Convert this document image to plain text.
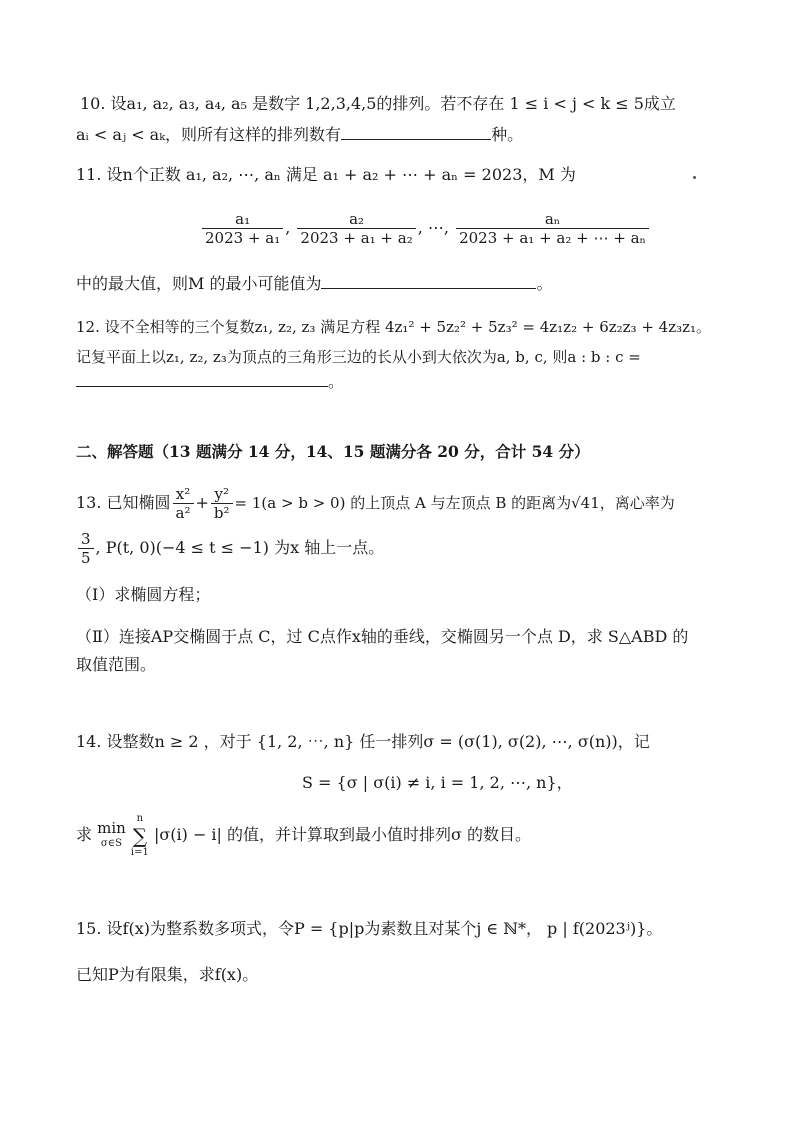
10. 设a₁, a₂, a₃, a₄, a₅ 是数字 1,2,3,4,5的排列。若不存在 1 ≤ i < j < k ≤ 5成立
aᵢ < aⱼ < aₖ，则所有这样的排列数有	种。
11. 设n个正数 a₁, a₂, ⋯, aₙ 满足 a₁ + a₂ + ⋯ + aₙ = 2023，M 为
$\frac{\text{a₁}}{\text{2023 + a₁}}$ , $\frac{\text{a₂}}{\text{2023 + a₁ + a₂}}$ , ⋯, $\frac{\text{aₙ}}{\text{2023 + a₁ + a₂ + ⋯ + aₙ}}$
中的最大值，则M 的最小可能值为	。
12. 设不全相等的三个复数z₁, z₂, z₃ 满足方程 4z₁² + 5z₂² + 5z₃² = 4z₁z₂ + 6z₂z₃ + 4z₃z₁。
记复平面上以z₁, z₂, z₃为顶点的三角形三边的长从小到大依次为a, b, c, 则a : b : c =
。
二、解答题（13 题满分 14 分，14、15 题满分各 20 分，合计 54 分）
13. 已知椭圆 $\frac{\text{x²}}{\text{a²}} + \frac{\text{y²}}{\text{b²}} = 1(a > b > 0)$ 的上顶点 A 与左顶点 B 的距离为√41，离心率为
$\frac{3}{5}$ , P(t, 0)(−4 ≤ t ≤ −1) 为x 轴上一点。
（Ⅰ）求椭圆方程；
（Ⅱ）连接AP交椭圆于点 C，过 C点作x轴的垂线，交椭圆另一个点 D，求 S△ABD 的
取值范围。
14. 设整数n ≥ 2 ，对于 {1, 2, ⋯, n} 任一排列σ = (σ(1), σ(2), ⋯, σ(n))，记
S = {σ | σ(i) ≠ i, i = 1, 2, ⋯, n}，
求 min
σ∈S

n
∑
i=1
|σ(i) − i| 的值，并计算取到最小值时排列σ 的数目。
15. 设f(x)为整系数多项式，令P = {p|p为素数且对某个j ∈ ℕ*， p | f(2023ʲ)}。
已知P为有限集，求f(x)。
